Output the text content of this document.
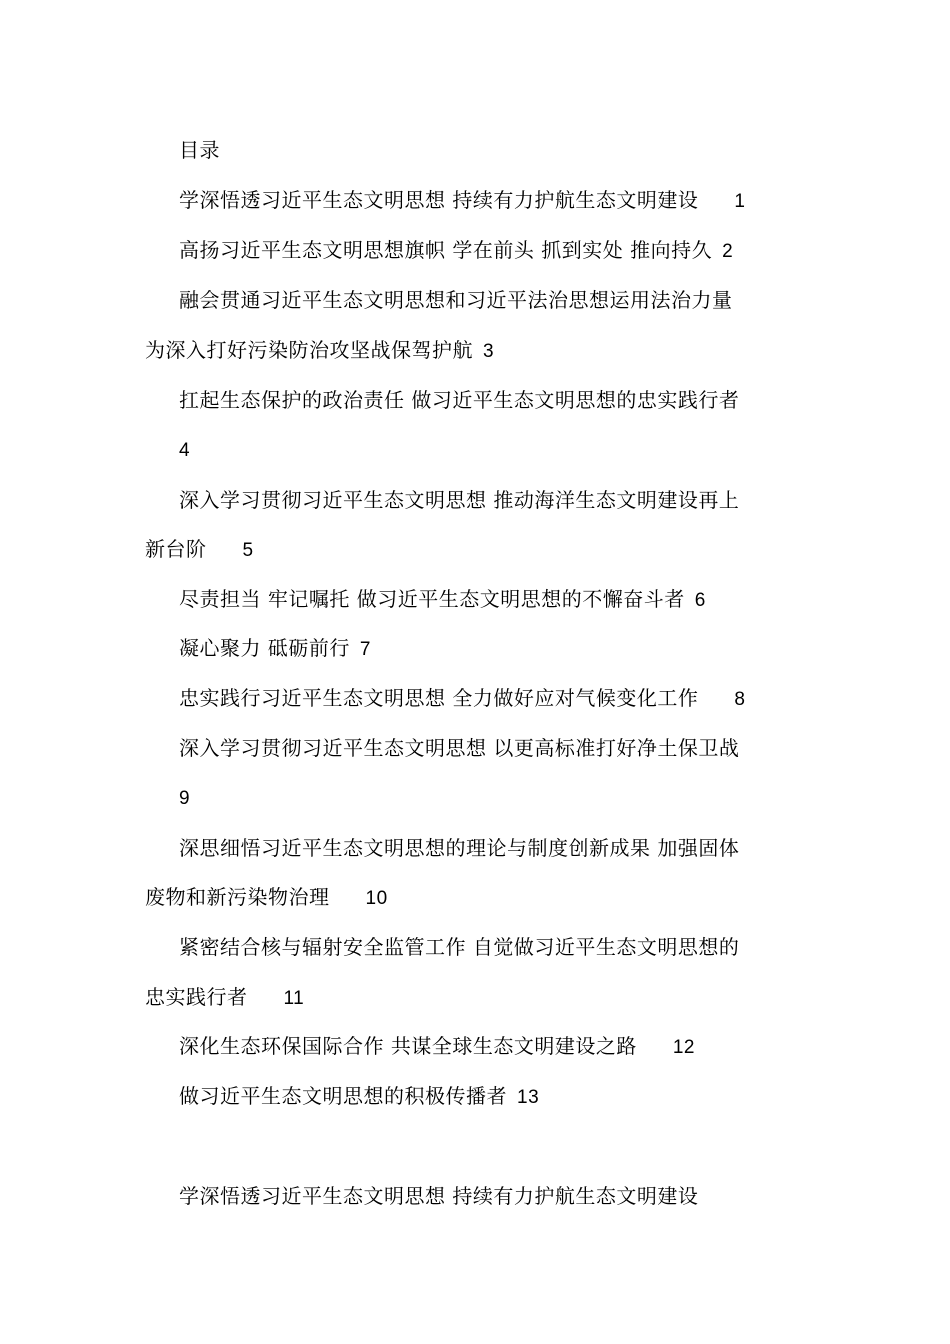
目录
学深悟透习近平生态文明思想 持续有力护航生态文明建设 1
高扬习近平生态文明思想旗帜 学在前头 抓到实处 推向持久 2
融会贯通习近平生态文明思想和习近平法治思想运用法治力量
为深入打好污染防治攻坚战保驾护航 3
扛起生态保护的政治责任 做习近平生态文明思想的忠实践行者
4
深入学习贯彻习近平生态文明思想 推动海洋生态文明建设再上
新台阶 5
尽责担当 牢记嘱托 做习近平生态文明思想的不懈奋斗者 6
凝心聚力 砥砺前行 7
忠实践行习近平生态文明思想 全力做好应对气候变化工作 8
深入学习贯彻习近平生态文明思想 以更高标准打好净土保卫战
9
深思细悟习近平生态文明思想的理论与制度创新成果 加强固体
废物和新污染物治理 10
紧密结合核与辐射安全监管工作 自觉做习近平生态文明思想的
忠实践行者 11
深化生态环保国际合作 共谋全球生态文明建设之路 12
做习近平生态文明思想的积极传播者 13
学深悟透习近平生态文明思想 持续有力护航生态文明建设
